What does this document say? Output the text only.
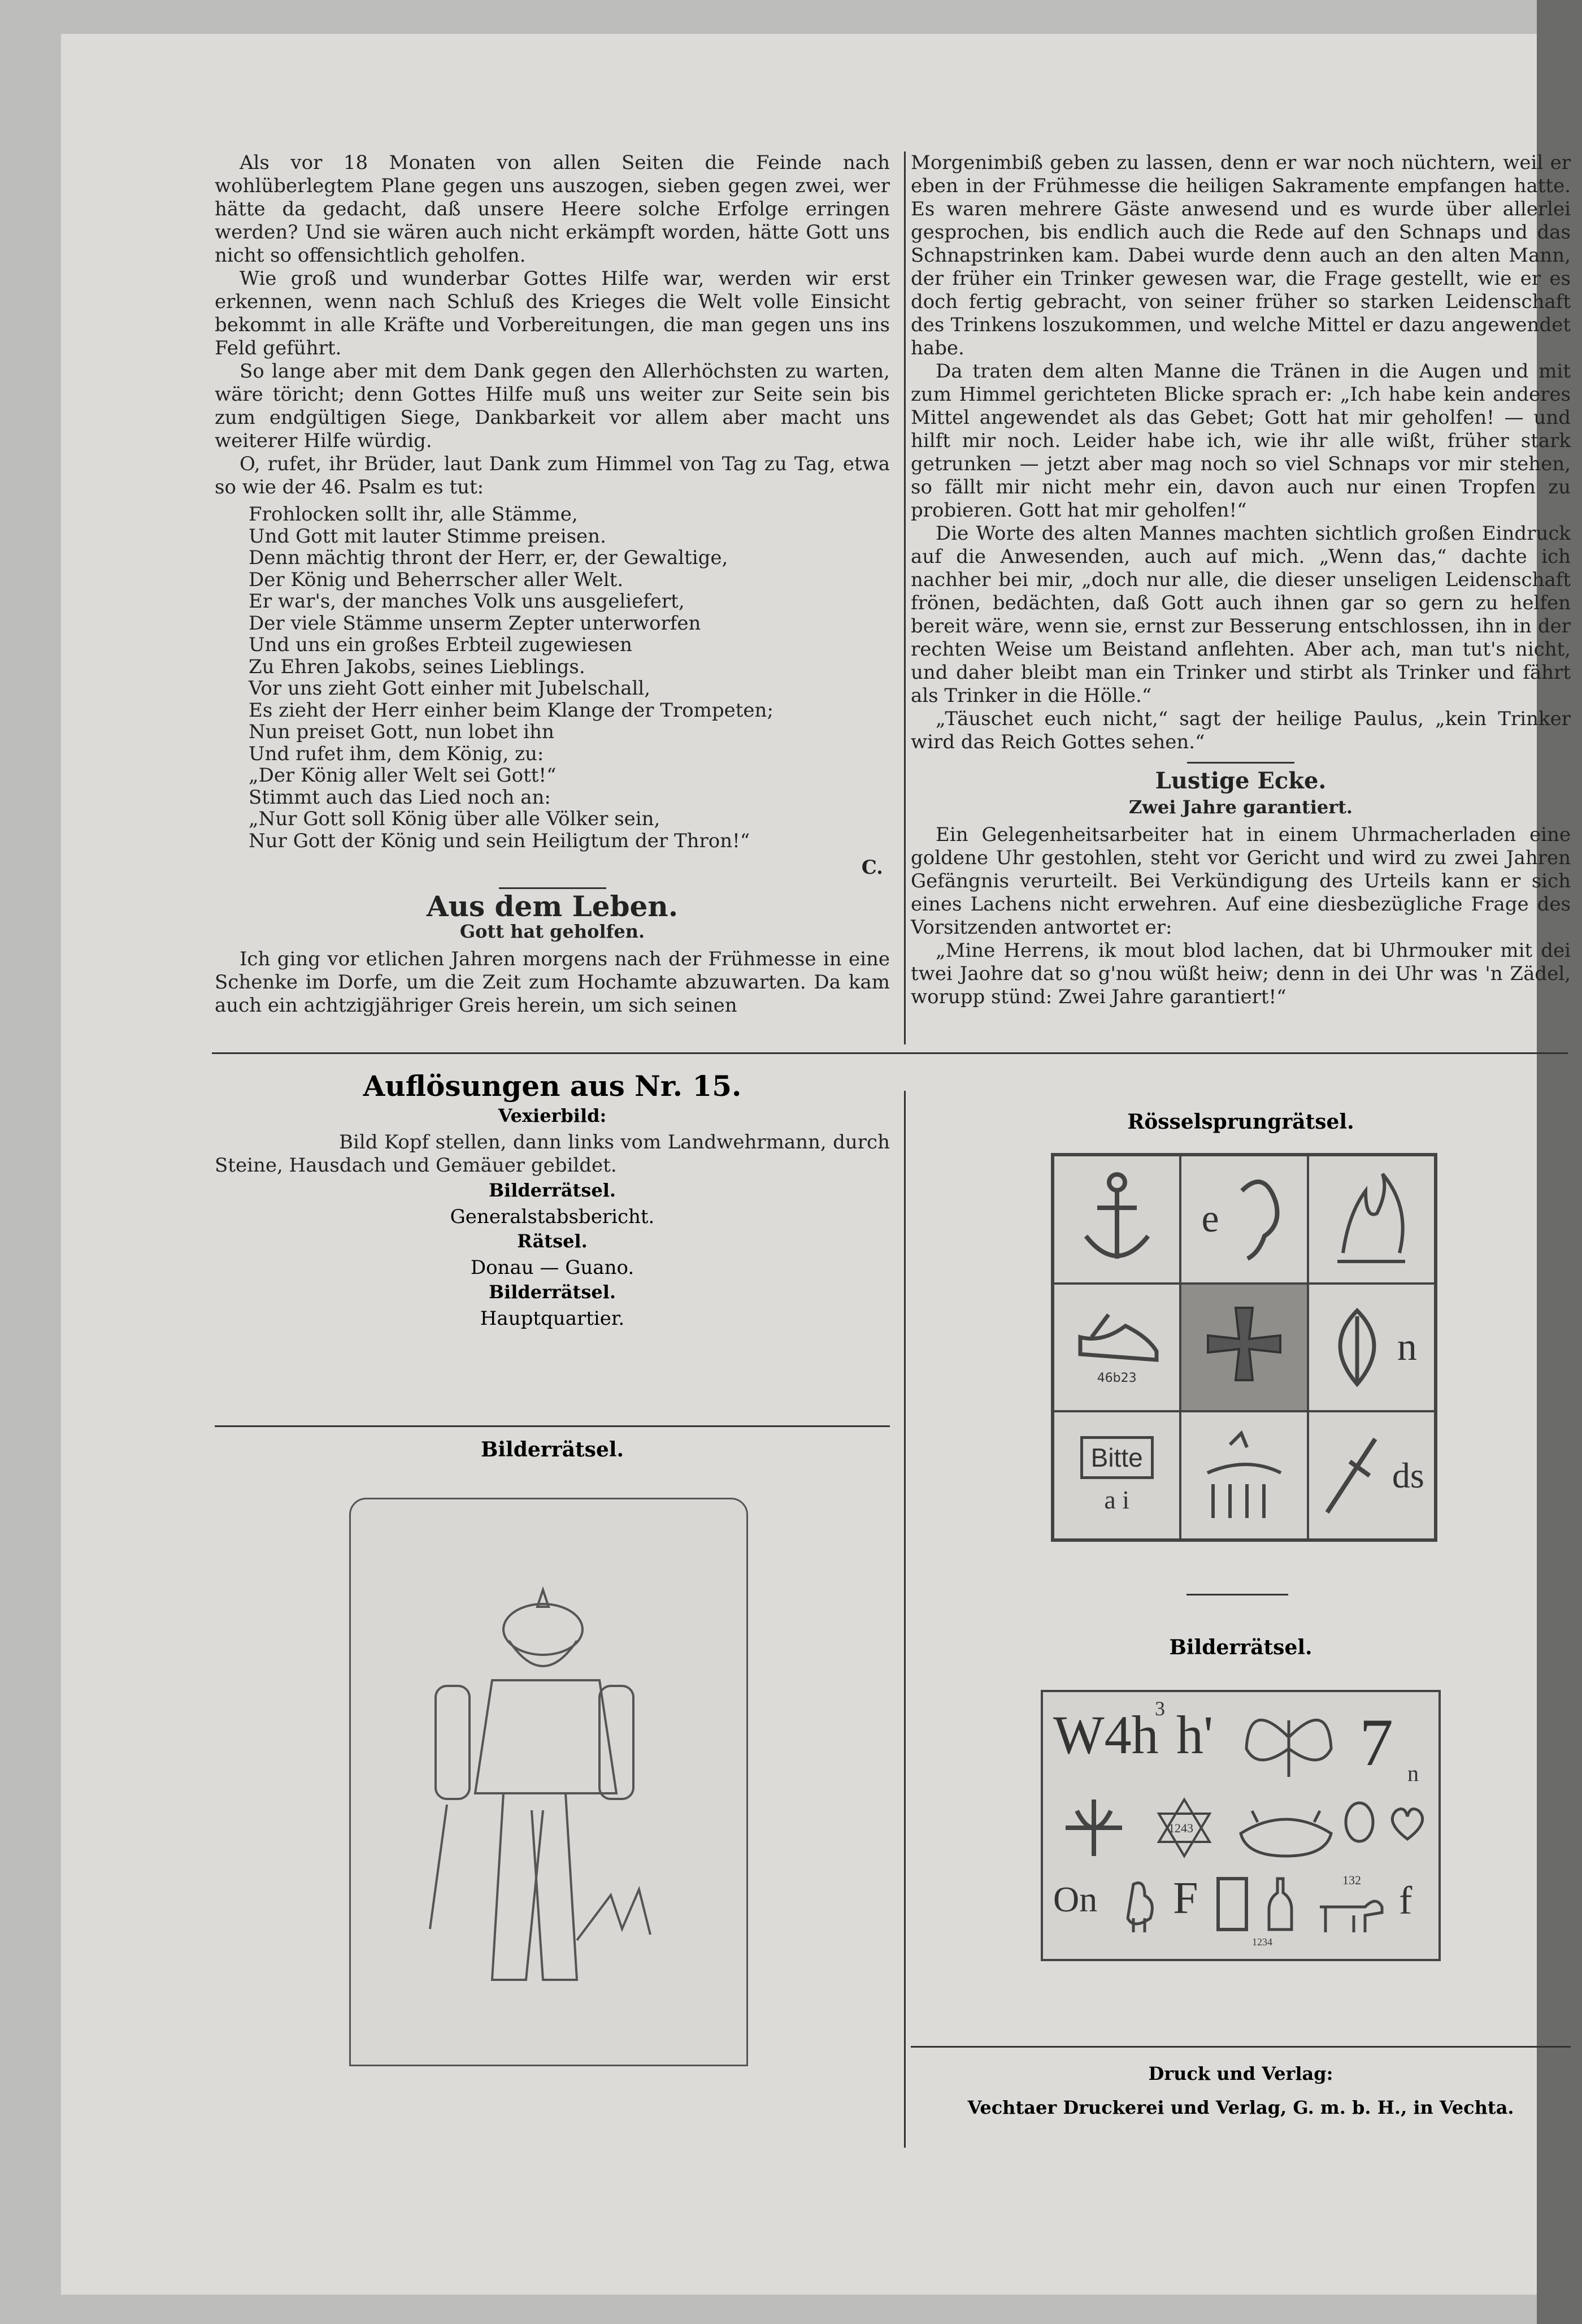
Als vor 18 Monaten von allen Seiten die Feinde nach wohlüberlegtem Plane gegen uns auszogen, sieben gegen zwei, wer hätte da gedacht, daß unsere Heere solche Erfolge erringen werden? Und sie wären auch nicht erkämpft worden, hätte Gott uns nicht so offensichtlich geholfen.

Wie groß und wunderbar Gottes Hilfe war, werden wir erst erkennen, wenn nach Schluß des Krieges die Welt volle Einsicht bekommt in alle Kräfte und Vorbereitungen, die man gegen uns ins Feld geführt.

So lange aber mit dem Dank gegen den Allerhöchsten zu warten, wäre töricht; denn Gottes Hilfe muß uns weiter zur Seite sein bis zum endgültigen Siege, Dankbarkeit vor allem aber macht uns weiterer Hilfe würdig.

O, rufet, ihr Brüder, laut Dank zum Himmel von Tag zu Tag, etwa so wie der 46. Psalm es tut:

Frohlocken sollt ihr, alle Stämme,
Und Gott mit lauter Stimme preisen.
Denn mächtig thront der Herr, er, der Gewaltige,
Der König und Beherrscher aller Welt.
Er war's, der manches Volk uns ausgeliefert,
Der viele Stämme unserm Zepter unterworfen
Und uns ein großes Erbteil zugewiesen
Zu Ehren Jakobs, seines Lieblings.
Vor uns zieht Gott einher mit Jubelschall,
Es zieht der Herr einher beim Klange der Trompeten;
Nun preiset Gott, nun lobet ihn
Und rufet ihm, dem König, zu:
„Der König aller Welt sei Gott!“
Stimmt auch das Lied noch an:
„Nur Gott soll König über alle Völker sein,
Nur Gott der König und sein Heiligtum der Thron!“
C.
Aus dem Leben.
Gott hat geholfen.

Ich ging vor etlichen Jahren morgens nach der Frühmesse in eine Schenke im Dorfe, um die Zeit zum Hochamte abzuwarten. Da kam auch ein achtzigjähriger Greis herein, um sich seinen

Morgenimbiß geben zu lassen, denn er war noch nüchtern, weil er eben in der Frühmesse die heiligen Sakramente empfangen hatte. Es waren mehrere Gäste anwesend und es wurde über allerlei gesprochen, bis endlich auch die Rede auf den Schnaps und das Schnapstrinken kam. Dabei wurde denn auch an den alten Mann, der früher ein Trinker gewesen war, die Frage gestellt, wie er es doch fertig gebracht, von seiner früher so starken Leidenschaft des Trinkens loszukommen, und welche Mittel er dazu angewendet habe.

Da traten dem alten Manne die Tränen in die Augen und mit zum Himmel gerichteten Blicke sprach er: „Ich habe kein anderes Mittel angewendet als das Gebet; Gott hat mir geholfen! — und hilft mir noch. Leider habe ich, wie ihr alle wißt, früher stark getrunken — jetzt aber mag noch so viel Schnaps vor mir stehen, so fällt mir nicht mehr ein, davon auch nur einen Tropfen zu probieren. Gott hat mir geholfen!“

Die Worte des alten Mannes machten sichtlich großen Eindruck auf die Anwesenden, auch auf mich. „Wenn das,“ dachte ich nachher bei mir, „doch nur alle, die dieser unseligen Leidenschaft frönen, bedächten, daß Gott auch ihnen gar so gern zu helfen bereit wäre, wenn sie, ernst zur Besserung entschlossen, ihn in der rechten Weise um Beistand anflehten. Aber ach, man tut's nicht, und daher bleibt man ein Trinker und stirbt als Trinker und fährt als Trinker in die Hölle.“

„Täuschet euch nicht,“ sagt der heilige Paulus, „kein Trinker wird das Reich Gottes sehen.“

Lustige Ecke.
Zwei Jahre garantiert.

Ein Gelegenheitsarbeiter hat in einem Uhrmacherladen eine goldene Uhr gestohlen, steht vor Gericht und wird zu zwei Jahren Gefängnis verurteilt. Bei Verkündigung des Urteils kann er sich eines Lachens nicht erwehren. Auf eine diesbezügliche Frage des Vorsitzenden antwortet er:

„Mine Herrens, ik mout blod lachen, dat bi Uhrmouker mit dei twei Jaohre dat so g'nou wüßt heiw; denn in dei Uhr was 'n Zädel, worupp stünd: Zwei Jahre garantiert!“

Auflösungen aus Nr. 15.
Vexierbild:

Bild Kopf stellen, dann links vom Landwehrmann, durch Steine, Hausdach und Gemäuer gebildet.

Bilderrätsel.
Generalstabsbericht.
Rätsel.
Donau — Guano.
Bilderrätsel.
Hauptquartier.
Bilderrätsel.
Rösselsprungrätsel.
e
46b23
n
Bitte
a i
ds
Bilderrätsel.
W4h
3 h' 7 n
1243
On F
1234
132 f
Druck und Verlag:
Vechtaer Druckerei und Verlag, G. m. b. H., in Vechta.
